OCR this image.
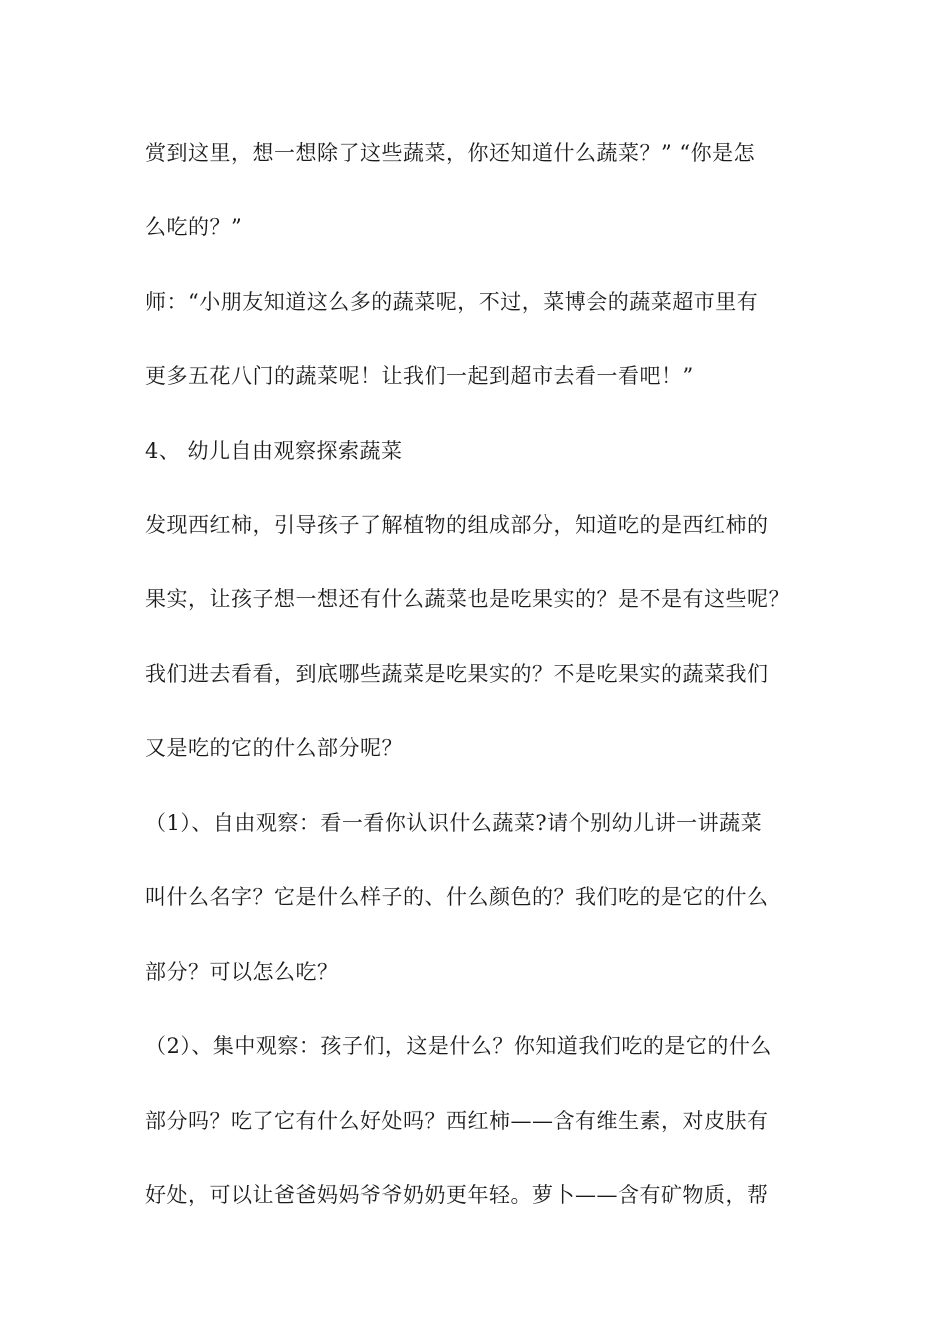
赏到这里，想一想除了这些蔬菜，你还知道什么蔬菜？” “你是怎
么吃的？”
师：“小朋友知道这么多的蔬菜呢，不过，菜博会的蔬菜超市里有
更多五花八门的蔬菜呢！让我们一起到超市去看一看吧！”
4、 幼儿自由观察探索蔬菜
发现西红柿，引导孩子了解植物的组成部分，知道吃的是西红柿的
果实，让孩子想一想还有什么蔬菜也是吃果实的？是不是有这些呢？
我们进去看看，到底哪些蔬菜是吃果实的？不是吃果实的蔬菜我们
又是吃的它的什么部分呢？
（1）、自由观察：看一看你认识什么蔬菜?请个别幼儿讲一讲蔬菜
叫什么名字？它是什么样子的、什么颜色的？我们吃的是它的什么
部分？可以怎么吃？
（2）、集中观察：孩子们，这是什么？你知道我们吃的是它的什么
部分吗？吃了它有什么好处吗？西红柿——含有维生素，对皮肤有
好处，可以让爸爸妈妈爷爷奶奶更年轻。萝卜——含有矿物质，帮
